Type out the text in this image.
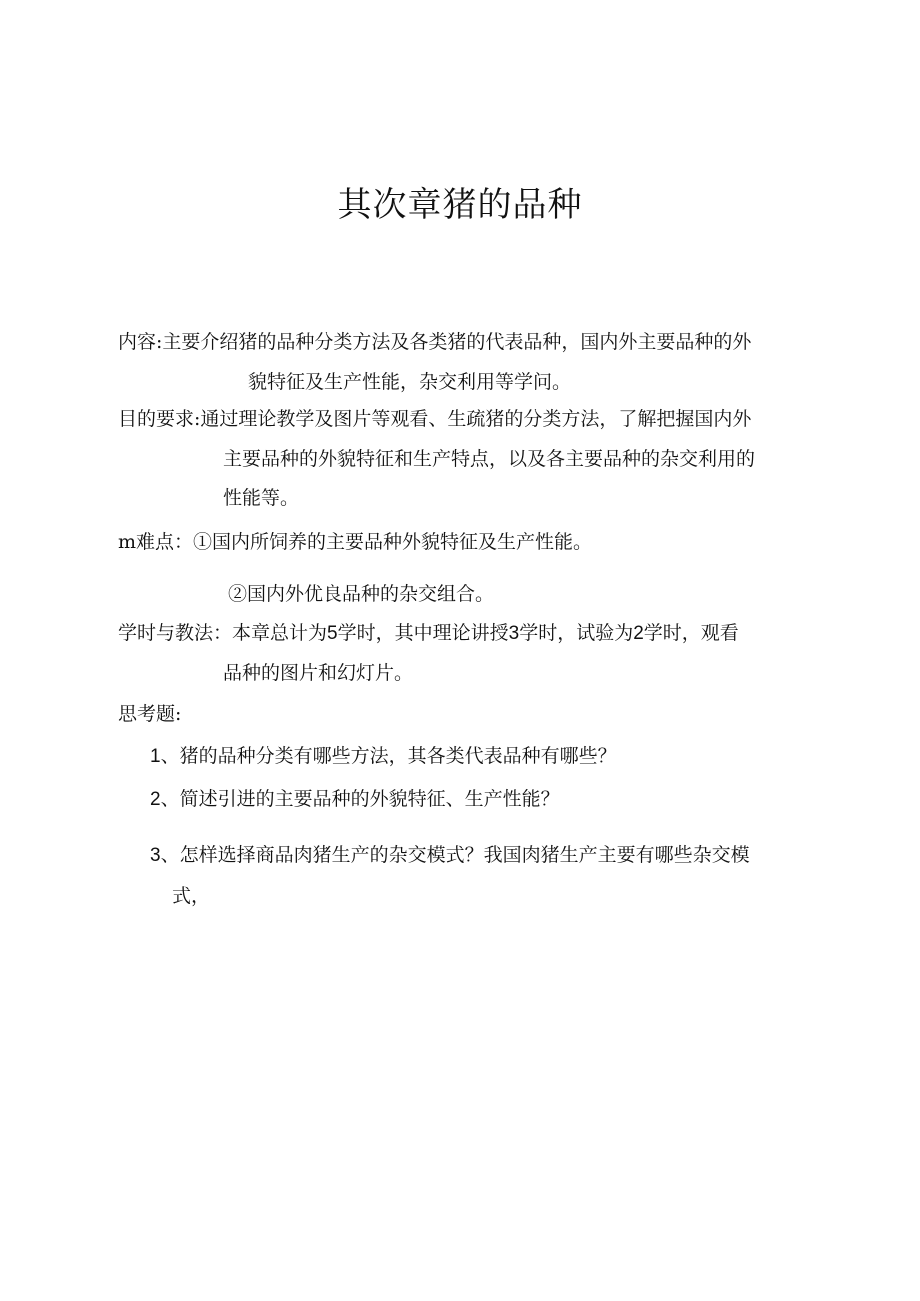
其次章猪的品种
内容:主要介绍猪的品种分类方法及各类猪的代表品种，国内外主要品种的外
貌特征及生产性能，杂交利用等学问。
目的要求:通过理论教学及图片等观看、生疏猪的分类方法，了解把握国内外
主要品种的外貌特征和生产特点，以及各主要品种的杂交利用的
性能等。
m难点：①国内所饲养的主要品种外貌特征及生产性能。
②国内外优良品种的杂交组合。
学时与教法：本章总计为5学时，其中理论讲授3学时，试验为2学时，观看
品种的图片和幻灯片。
思考题:
1、猪的品种分类有哪些方法，其各类代表品种有哪些？
2、简述引进的主要品种的外貌特征、生产性能？
3、怎样选择商品肉猪生产的杂交模式？我国肉猪生产主要有哪些杂交模
式，
